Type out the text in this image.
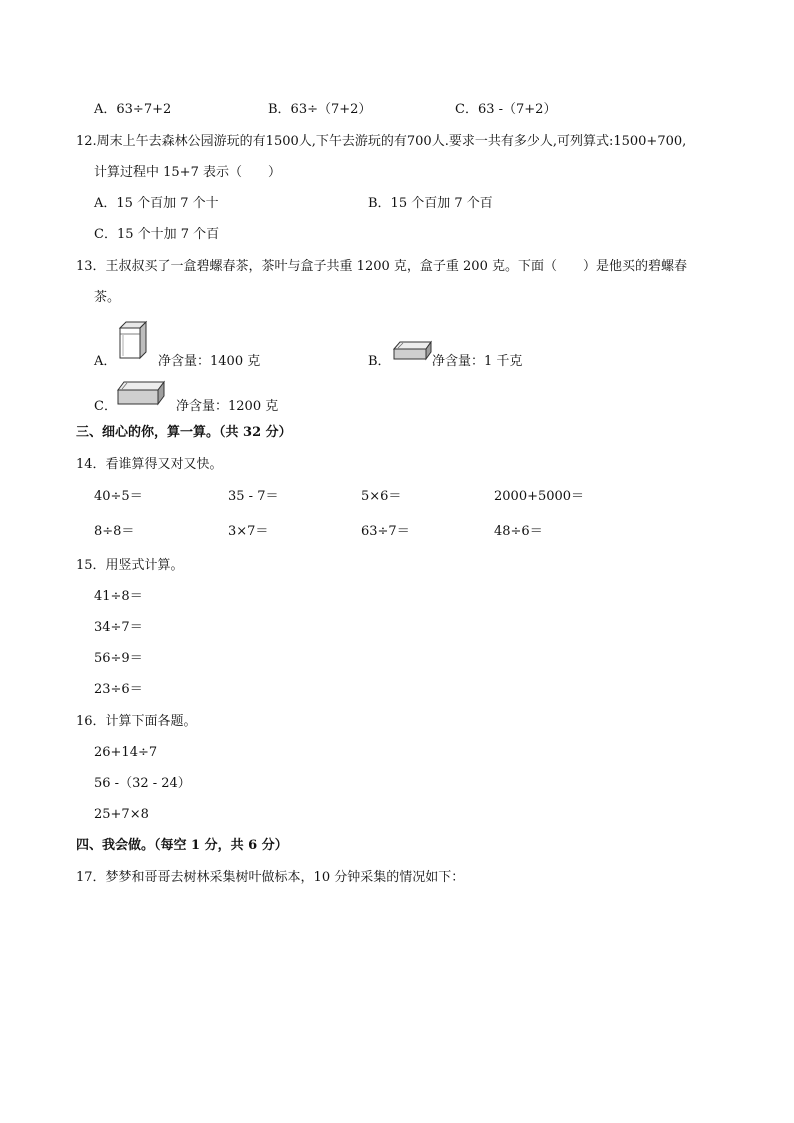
A．63÷7+2	B．63÷（7+2）	C．63 -（7+2）
12.周末上午去森林公园游玩的有1500人,下午去游玩的有700人.要求一共有多少人,可列算式:1500+700,
计算过程中 15+7 表示（　　）
A．15 个百加 7 个十	B．15 个百加 7 个百
C．15 个十加 7 个百
13．王叔叔买了一盒碧螺春茶，茶叶与盒子共重 1200 克，盒子重 200 克。下面（　　）是他买的碧螺春
茶。
A．	净含量：1400 克	B．	净含量：1 千克
C．	净含量：1200 克
三、细心的你，算一算。（共 32 分）
14．看谁算得又对又快。
40÷5＝	35 - 7＝	5×6＝	2000+5000＝
8÷8＝	3×7＝	63÷7＝	48÷6＝
15．用竖式计算。
41÷8＝
34÷7＝
56÷9＝
23÷6＝
16．计算下面各题。
26+14÷7
56 -（32 - 24）
25+7×8
四、我会做。（每空 1 分，共 6 分）
17．梦梦和哥哥去树林采集树叶做标本，10 分钟采集的情况如下：
